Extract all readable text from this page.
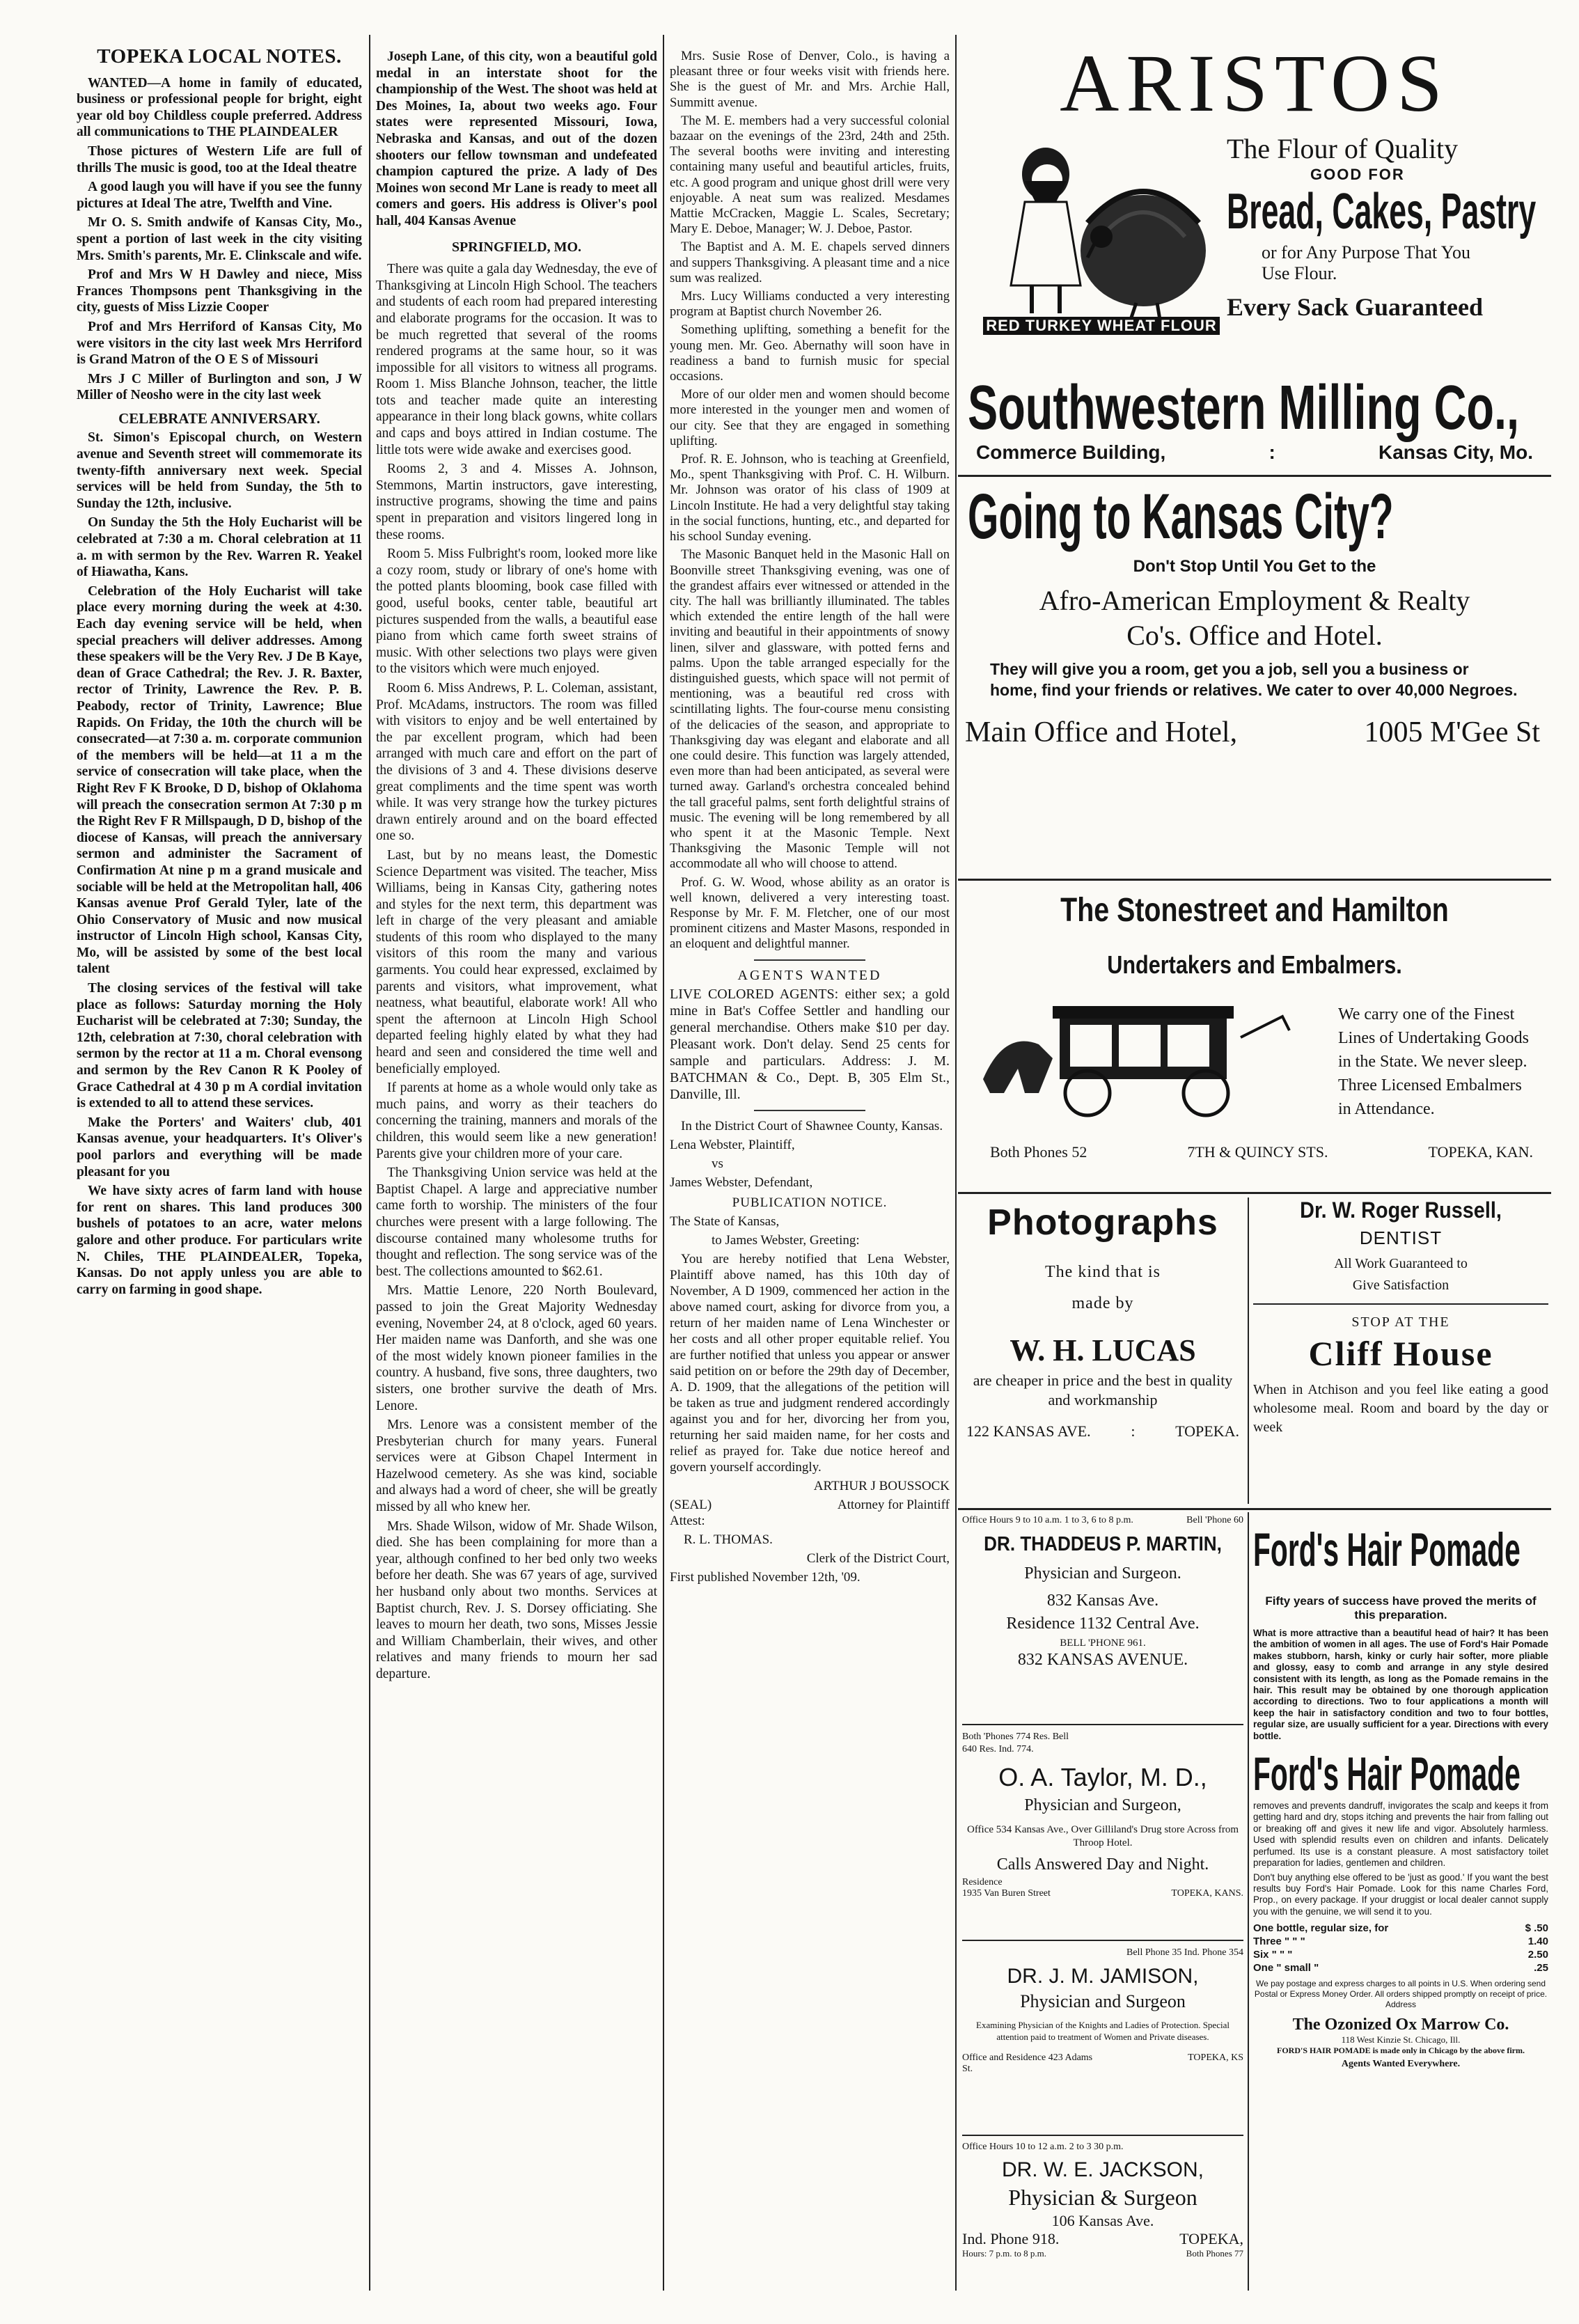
TOPEKA LOCAL NOTES.

WANTED—A home in family of educated, business or professional people for bright, eight year old boy Childless couple preferred. Address all communications to THE PLAINDEALER

Those pictures of Western Life are full of thrills The music is good, too at the Ideal theatre

A good laugh you will have if you see the funny pictures at Ideal The atre, Twelfth and Vine.

Mr O. S. Smith andwife of Kansas City, Mo., spent a portion of last week in the city visiting Mrs. Smith's parents, Mr. E. Clinkscale and wife.

Prof and Mrs W H Dawley and niece, Miss Frances Thompsons pent Thanksgiving in the city, guests of Miss Lizzie Cooper

Prof and Mrs Herriford of Kansas City, Mo were visitors in the city last week Mrs Herriford is Grand Matron of the O E S of Missouri

Mrs J C Miller of Burlington and son, J W Miller of Neosho were in the city last week

CELEBRATE ANNIVERSARY.

St. Simon's Episcopal church, on Western avenue and Seventh street will commemorate its twenty-fifth anniversary next week. Special services will be held from Sunday, the 5th to Sunday the 12th, inclusive.

On Sunday the 5th the Holy Eucharist will be celebrated at 7:30 a m. Choral celebration at 11 a. m with sermon by the Rev. Warren R. Yeakel of Hiawatha, Kans.

Celebration of the Holy Eucharist will take place every morning during the week at 4:30. Each day evening service will be held, when special preachers will deliver addresses. Among these speakers will be the Very Rev. J De B Kaye, dean of Grace Cathedral; the Rev. J. R. Baxter, rector of Trinity, Lawrence the Rev. P. B. Peabody, rector of Trinity, Lawrence; Blue Rapids. On Friday, the 10th the church will be consecrated—at 7:30 a. m. corporate communion of the members will be held—at 11 a m the service of consecration will take place, when the Right Rev F K Brooke, D D, bishop of Oklahoma will preach the consecration sermon At 7:30 p m the Right Rev F R Millspaugh, D D, bishop of the diocese of Kansas, will preach the anniversary sermon and administer the Sacrament of Confirmation At nine p m a grand musicale and sociable will be held at the Metropolitan hall, 406 Kansas avenue Prof Gerald Tyler, late of the Ohio Conservatory of Music and now musical instructor of Lincoln High school, Kansas City, Mo, will be assisted by some of the best local talent

The closing services of the festival will take place as follows: Saturday morning the Holy Eucharist will be celebrated at 7:30; Sunday, the 12th, celebration at 7:30, choral celebration with sermon by the rector at 11 a m. Choral evensong and sermon by the Rev Canon R K Pooley of Grace Cathedral at 4 30 p m A cordial invitation is extended to all to attend these services.

Make the Porters' and Waiters' club, 401 Kansas avenue, your headquarters. It's Oliver's pool parlors and everything will be made pleasant for you

We have sixty acres of farm land with house for rent on shares. This land produces 300 bushels of potatoes to an acre, water melons galore and other produce. For particulars write N. Chiles, THE PLAINDEALER, Topeka, Kansas. Do not apply unless you are able to carry on farming in good shape.

Joseph Lane, of this city, won a beautiful gold medal in an interstate shoot for the championship of the West. The shoot was held at Des Moines, Ia, about two weeks ago. Four states were represented Missouri, Iowa, Nebraska and Kansas, and out of the dozen shooters our fellow townsman and undefeated champion captured the prize. A lady of Des Moines won second Mr Lane is ready to meet all comers and goers. His address is Oliver's pool hall, 404 Kansas Avenue

SPRINGFIELD, MO.

There was quite a gala day Wednesday, the eve of Thanksgiving at Lincoln High School. The teachers and students of each room had prepared interesting and elaborate programs for the occasion. It was to be much regretted that several of the rooms rendered programs at the same hour, so it was impossible for all visitors to witness all programs. Room 1. Miss Blanche Johnson, teacher, the little tots and teacher made quite an interesting appearance in their long black gowns, white collars and caps and boys attired in Indian costume. The little tots were wide awake and exercises good.

Rooms 2, 3 and 4. Misses A. Johnson, Stemmons, Martin instructors, gave interesting, instructive programs, showing the time and pains spent in preparation and visitors lingered long in these rooms.

Room 5. Miss Fulbright's room, looked more like a cozy room, study or library of one's home with the potted plants blooming, book case filled with good, useful books, center table, beautiful art pictures suspended from the walls, a beautiful ease piano from which came forth sweet strains of music. With other selections two plays were given to the visitors which were much enjoyed.

Room 6. Miss Andrews, P. L. Coleman, assistant, Prof. McAdams, instructors. The room was filled with visitors to enjoy and be well entertained by the par excellent program, which had been arranged with much care and effort on the part of the divisions of 3 and 4. These divisions deserve great compliments and the time spent was worth while. It was very strange how the turkey pictures drawn entirely around and on the board effected one so.

Last, but by no means least, the Domestic Science Department was visited. The teacher, Miss Williams, being in Kansas City, gathering notes and styles for the next term, this department was left in charge of the very pleasant and amiable students of this room who displayed to the many visitors of this room the many and various garments. You could hear expressed, exclaimed by parents and visitors, what improvement, what neatness, what beautiful, elaborate work! All who spent the afternoon at Lincoln High School departed feeling highly elated by what they had heard and seen and considered the time well and beneficially employed.

If parents at home as a whole would only take as much pains, and worry as their teachers do concerning the training, manners and morals of the children, this would seem like a new generation! Parents give your children more of your care.

The Thanksgiving Union service was held at the Baptist Chapel. A large and appreciative number came forth to worship. The ministers of the four churches were present with a large following. The discourse contained many wholesome truths for thought and reflection. The song service was of the best. The collections amounted to $62.61.

Mrs. Mattie Lenore, 220 North Boulevard, passed to join the Great Majority Wednesday evening, November 24, at 8 o'clock, aged 60 years. Her maiden name was Danforth, and she was one of the most widely known pioneer families in the country. A husband, five sons, three daughters, two sisters, one brother survive the death of Mrs. Lenore.

Mrs. Lenore was a consistent member of the Presbyterian church for many years. Funeral services were at Gibson Chapel Interment in Hazelwood cemetery. As she was kind, sociable and always had a word of cheer, she will be greatly missed by all who knew her.

Mrs. Shade Wilson, widow of Mr. Shade Wilson, died. She has been complaining for more than a year, although confined to her bed only two weeks before her death. She was 67 years of age, survived her husband only about two months. Services at Baptist church, Rev. J. S. Dorsey officiating. She leaves to mourn her death, two sons, Misses Jessie and William Chamberlain, their wives, and other relatives and many friends to mourn her sad departure.

Mrs. Susie Rose of Denver, Colo., is having a pleasant three or four weeks visit with friends here. She is the guest of Mr. and Mrs. Archie Hall, Summitt avenue.

The M. E. members had a very successful colonial bazaar on the evenings of the 23rd, 24th and 25th. The several booths were inviting and interesting containing many useful and beautiful articles, fruits, etc. A good program and unique ghost drill were very enjoyable. A neat sum was realized. Mesdames Mattie McCracken, Maggie L. Scales, Secretary; Mary E. Deboe, Manager; W. J. Deboe, Pastor.

The Baptist and A. M. E. chapels served dinners and suppers Thanksgiving. A pleasant time and a nice sum was realized.

Mrs. Lucy Williams conducted a very interesting program at Baptist church November 26.

Something uplifting, something a benefit for the young men. Mr. Geo. Abernathy will soon have in readiness a band to furnish music for special occasions.

More of our older men and women should become more interested in the younger men and women of our city. See that they are engaged in something uplifting.

Prof. R. E. Johnson, who is teaching at Greenfield, Mo., spent Thanksgiving with Prof. C. H. Wilburn. Mr. Johnson was orator of his class of 1909 at Lincoln Institute. He had a very delightful stay taking in the social functions, hunting, etc., and departed for his school Sunday evening.

The Masonic Banquet held in the Masonic Hall on Boonville street Thanksgiving evening, was one of the grandest affairs ever witnessed or attended in the city. The hall was brilliantly illuminated. The tables which extended the entire length of the hall were inviting and beautiful in their appointments of snowy linen, silver and glassware, with potted ferns and palms. Upon the table arranged especially for the distinguished guests, which space will not permit of mentioning, was a beautiful red cross with scintillating lights. The four-course menu consisting of the delicacies of the season, and appropriate to Thanksgiving day was elegant and elaborate and all one could desire. This function was largely attended, even more than had been anticipated, as several were turned away. Garland's orchestra concealed behind the tall graceful palms, sent forth delightful strains of music. The evening will be long remembered by all who spent it at the Masonic Temple. Next Thanksgiving the Masonic Temple will not accommodate all who will choose to attend.

Prof. G. W. Wood, whose ability as an orator is well known, delivered a very interesting toast. Response by Mr. F. M. Fletcher, one of our most prominent citizens and Master Masons, responded in an eloquent and delightful manner.

AGENTS WANTED

LIVE COLORED AGENTS: either sex; a gold mine in Bat's Coffee Settler and handling our general merchandise. Others make $10 per day. Pleasant work. Don't delay. Send 25 cents for sample and particulars. Address: J. M. BATCHMAN & Co., Dept. B, 305 Elm St., Danville, Ill.

In the District Court of Shawnee County, Kansas.

Lena Webster, Plaintiff,

vs

James Webster, Defendant,

PUBLICATION NOTICE.

The State of Kansas,

to James Webster, Greeting:

You are hereby notified that Lena Webster, Plaintiff above named, has this 10th day of November, A D 1909, commenced her action in the above named court, asking for divorce from you, a return of her maiden name of Lena Winchester or her costs and all other proper equitable relief. You are further notified that unless you appear or answer said petition on or before the 29th day of December, A. D. 1909, that the allegations of the petition will be taken as true and judgment rendered accordingly against you and for her, divorcing her from you, returning her said maiden name, for her costs and relief as prayed for. Take due notice hereof and govern yourself accordingly.

ARTHUR J BOUSSOCK

(SEAL)	Attorney for Plaintiff

Attest:

R. L. THOMAS.

Clerk of the District Court,

First published November 12th, '09.

ARISTOS
RED TURKEY WHEAT FLOUR
The Flour of Quality
GOOD FOR
Bread, Cakes, Pastry
or for Any Purpose That You Use Flour.
Every Sack Guaranteed
Southwestern Milling Co.,
Commerce Building,	:	Kansas City, Mo.
Going to Kansas City?
Don't Stop Until You Get to the
Afro-American Employment & Realty
Co's. Office and Hotel.
They will give you a room, get you a job, sell you a business or home, find your friends or relatives. We cater to over 40,000 Negroes.
Main Office and Hotel,	1005 M'Gee St
The Stonestreet and Hamilton
Undertakers and Embalmers.
We carry one of the Finest Lines of Undertaking Goods in the State. We never sleep. Three Licensed Embalmers in Attendance.
Both Phones 52	7TH & QUINCY STS.	TOPEKA, KAN.
Photographs
The kind that is
made by
W. H. LUCAS
are cheaper in price and the best in quality and workmanship
122 KANSAS AVE.	:	TOPEKA.
Dr. W. Roger Russell,
DENTIST
All Work Guaranteed to
Give Satisfaction
STOP AT THE
Cliff House
When in Atchison and you feel like eating a good wholesome meal. Room and board by the day or week
Office Hours 9 to 10 a.m. 1 to 3, 6 to 8 p.m.	Bell 'Phone 60
DR. THADDEUS P. MARTIN,
Physician and Surgeon.
832 Kansas Ave.
Residence 1132 Central Ave.
BELL 'PHONE 961.
832 KANSAS AVENUE.
Both 'Phones 774 Res. Bell 640 Res. Ind. 774.
O. A. Taylor, M. D.,
Physician and Surgeon,
Office 534 Kansas Ave., Over Gilliland's Drug store Across from Throop Hotel.
Calls Answered Day and Night.
Residence
1935 Van Buren Street	TOPEKA, KANS.
Bell Phone 35 Ind. Phone 354
DR. J. M. JAMISON,
Physician and Surgeon
Examining Physician of the Knights and Ladies of Protection. Special attention paid to treatment of Women and Private diseases.
Office and Residence 423 Adams St.
TOPEKA, KS
Office Hours 10 to 12 a.m. 2 to 3 30 p.m.
DR. W. E. JACKSON,
Physician & Surgeon
106 Kansas Ave.
Ind. Phone 918.	TOPEKA,
Hours: 7 p.m. to 8 p.m.	Both Phones 77
Ford's Hair Pomade
Fifty years of success have proved the merits of this preparation.
What is more attractive than a beautiful head of hair? It has been the ambition of women in all ages. The use of Ford's Hair Pomade makes stubborn, harsh, kinky or curly hair softer, more pliable and glossy, easy to comb and arrange in any style desired consistent with its length, as long as the Pomade remains in the hair. This result may be obtained by one thorough application according to directions. Two to four applications a month will keep the hair in satisfactory condition and two to four bottles, regular size, are usually sufficient for a year. Directions with every bottle.
Ford's Hair Pomade
removes and prevents dandruff, invigorates the scalp and keeps it from getting hard and dry, stops itching and prevents the hair from falling out or breaking off and gives it new life and vigor. Absolutely harmless. Used with splendid results even on children and infants. Delicately perfumed. Its use is a constant pleasure. A most satisfactory toilet preparation for ladies, gentlemen and children.
Don't buy anything else offered to be 'just as good.' If you want the best results buy Ford's Hair Pomade. Look for this name Charles Ford, Prop., on every package. If your druggist or local dealer cannot supply you with the genuine, we will send it to you.
One bottle, regular size, for	$ .50
Three " " "	1.40
Six " " "	2.50
One " small "	.25
We pay postage and express charges to all points in U.S. When ordering send Postal or Express Money Order. All orders shipped promptly on receipt of price. Address
The Ozonized Ox Marrow Co.
118 West Kinzie St. Chicago, Ill.
FORD'S HAIR POMADE is made only in Chicago by the above firm.
Agents Wanted Everywhere.
